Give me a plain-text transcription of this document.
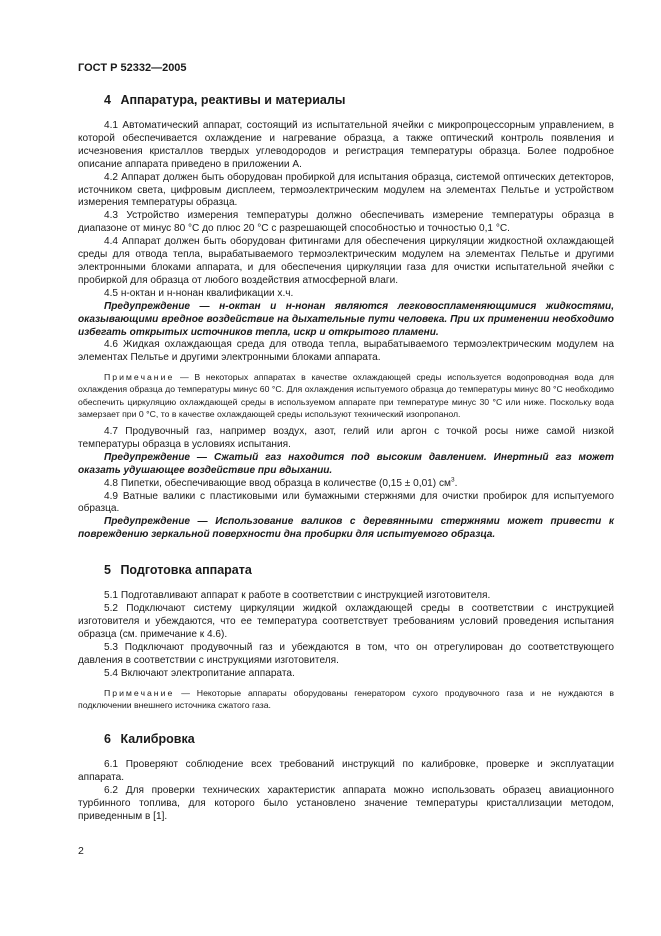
ГОСТ Р 52332—2005
4 Аппаратура, реактивы и материалы

4.1 Автоматический аппарат, состоящий из испытательной ячейки с микропроцессорным управлением, в которой обеспечивается охлаждение и нагревание образца, а также оптический контроль появления и исчезновения кристаллов твердых углеводородов и регистрация температуры образца. Более подробное описание аппарата приведено в приложении А.

4.2 Аппарат должен быть оборудован пробиркой для испытания образца, системой оптических детекторов, источником света, цифровым дисплеем, термоэлектрическим модулем на элементах Пельтье и устройством измерения температуры образца.

4.3 Устройство измерения температуры должно обеспечивать измерение температуры образца в диапазоне от минус 80 °С до плюс 20 °С с разрешающей способностью и точностью 0,1 °С.

4.4 Аппарат должен быть оборудован фитингами для обеспечения циркуляции жидкостной охлаждающей среды для отвода тепла, вырабатываемого термоэлектрическим модулем на элементах Пельтье и другими электронными блоками аппарата, и для обеспечения циркуляции газа для очистки испытательной ячейки с пробиркой для образца от любого воздействия атмосферной влаги.

4.5 н-октан и н-нонан квалификации х.ч.

Предупреждение — н-октан и н-нонан являются легковоспламеняющимися жидкостями, оказывающими вредное воздействие на дыхательные пути человека. При их применении необходимо избегать открытых источников тепла, искр и открытого пламени.

4.6 Жидкая охлаждающая среда для отвода тепла, вырабатываемого термоэлектрическим модулем на элементах Пельтье и другими электронными блоками аппарата.

Примечание — В некоторых аппаратах в качестве охлаждающей среды используется водопроводная вода для охлаждения образца до температуры минус 60 °С. Для охлаждения испытуемого образца до температуры минус 80 °С необходимо обеспечить циркуляцию охлаждающей среды в используемом аппарате при температуре минус 30 °С или ниже. Поскольку вода замерзает при 0 °С, то в качестве охлаждающей среды используют технический изопропанол.

4.7 Продувочный газ, например воздух, азот, гелий или аргон с точкой росы ниже самой низкой температуры образца в условиях испытания.

Предупреждение — Сжатый газ находится под высоким давлением. Инертный газ может оказать удушающее воздействие при вдыхании.

4.8 Пипетки, обеспечивающие ввод образца в количестве (0,15 ± 0,01) $см^3$.

4.9 Ватные валики с пластиковыми или бумажными стержнями для очистки пробирок для испытуемого образца.

Предупреждение — Использование валиков с деревянными стержнями может привести к повреждению зеркальной поверхности дна пробирки для испытуемого образца.

5 Подготовка аппарата

5.1 Подготавливают аппарат к работе в соответствии с инструкцией изготовителя.

5.2 Подключают систему циркуляции жидкой охлаждающей среды в соответствии с инструкцией изготовителя и убеждаются, что ее температура соответствует требованиям условий проведения испытания образца (см. примечание к 4.6).

5.3 Подключают продувочный газ и убеждаются в том, что он отрегулирован до соответствующего давления в соответствии с инструкциями изготовителя.

5.4 Включают электропитание аппарата.

Примечание — Некоторые аппараты оборудованы генератором сухого продувочного газа и не нуждаются в подключении внешнего источника сжатого газа.

6 Калибровка

6.1 Проверяют соблюдение всех требований инструкций по калибровке, проверке и эксплуатации аппарата.

6.2 Для проверки технических характеристик аппарата можно использовать образец авиационного турбинного топлива, для которого было установлено значение температуры кристаллизации методом, приведенным в [1].

2
